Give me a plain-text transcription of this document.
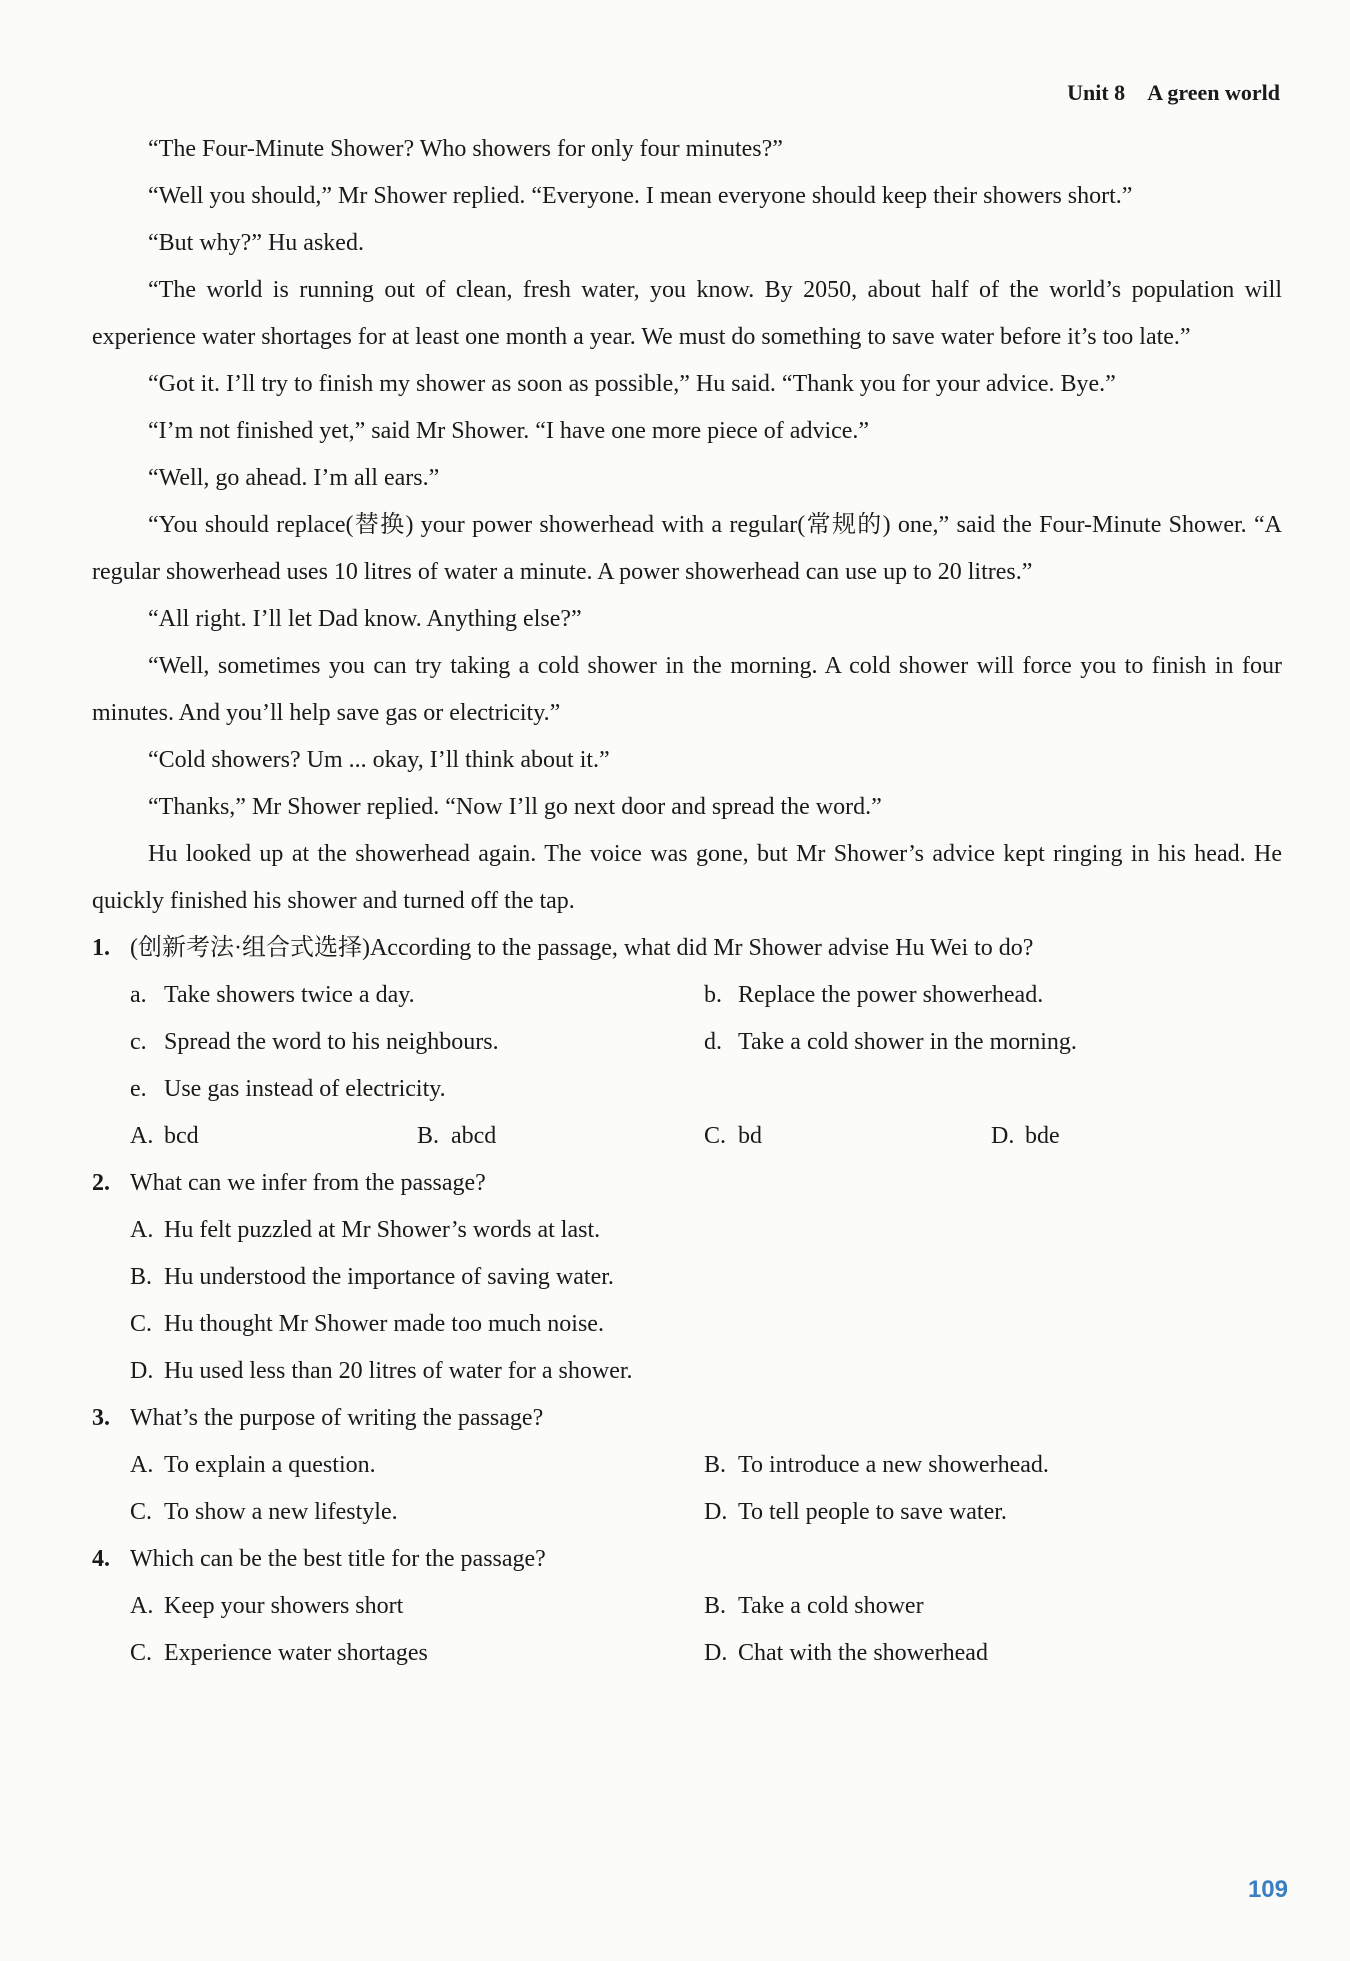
Unit 8 A green world

“The Four-Minute Shower? Who showers for only four minutes?”

“Well you should,” Mr Shower replied. “Everyone. I mean everyone should keep their showers short.”

“But why?” Hu asked.

“The world is running out of clean, fresh water, you know. By 2050, about half of the world’s population will experience water shortages for at least one month a year. We must do something to save water before it’s too late.”

“Got it. I’ll try to finish my shower as soon as possible,” Hu said. “Thank you for your advice. Bye.”

“I’m not finished yet,” said Mr Shower. “I have one more piece of advice.”

“Well, go ahead. I’m all ears.”

“You should replace(替换) your power showerhead with a regular(常规的) one,” said the Four-Minute Shower. “A regular showerhead uses 10 litres of water a minute. A power showerhead can use up to 20 litres.”

“All right. I’ll let Dad know. Anything else?”

“Well, sometimes you can try taking a cold shower in the morning. A cold shower will force you to finish in four minutes. And you’ll help save gas or electricity.”

“Cold showers? Um ... okay, I’ll think about it.”

“Thanks,” Mr Shower replied. “Now I’ll go next door and spread the word.”

Hu looked up at the showerhead again. The voice was gone, but Mr Shower’s advice kept ringing in his head. He quickly finished his shower and turned off the tap.

1. (创新考法·组合式选择)According to the passage, what did Mr Shower advise Hu Wei to do?

a. Take showers twice a day.	b. Replace the power showerhead.
c. Spread the word to his neighbours.	d. Take a cold shower in the morning.
e. Use gas instead of electricity.
A. bcd	B. abcd	C. bd	D. bde

2. What can we infer from the passage?

A. Hu felt puzzled at Mr Shower’s words at last.
B. Hu understood the importance of saving water.
C. Hu thought Mr Shower made too much noise.
D. Hu used less than 20 litres of water for a shower.

3. What’s the purpose of writing the passage?

A. To explain a question.	B. To introduce a new showerhead.
C. To show a new lifestyle.	D. To tell people to save water.

4. Which can be the best title for the passage?

A. Keep your showers short	B. Take a cold shower
C. Experience water shortages	D. Chat with the showerhead
109
